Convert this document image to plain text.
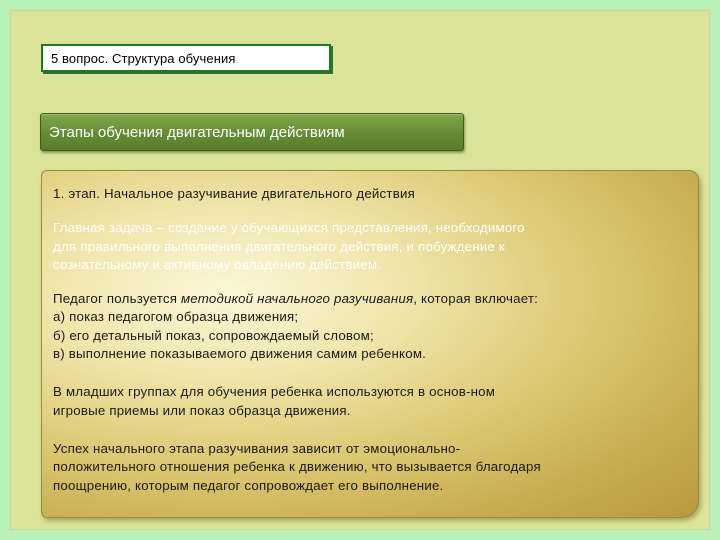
5 вопрос. Структура обучения
Этапы обучения двигательным действиям

1. этап. Начальное разучивание двигательного действия

Главная задача – создание у обучающихся представления, необходимого
для правильного выполнения двигательного действия, и побуждение к
сознательному и активному овладению действием.

Педагог пользуется методикой начального разучивания, которая включает:
а) показ педагогом образца движения;
б) его детальный показ, сопровождаемый словом;
в) выполнение показываемого движения самим ребенком.

В младших группах для обучения ребенка используются в основ-ном
игровые приемы или показ образца движения.

Успех начального этапа разучивания зависит от эмоционально-
положительного отношения ребенка к движению, что вызывается благодаря
поощрению, которым педагог сопровождает его выполнение.
